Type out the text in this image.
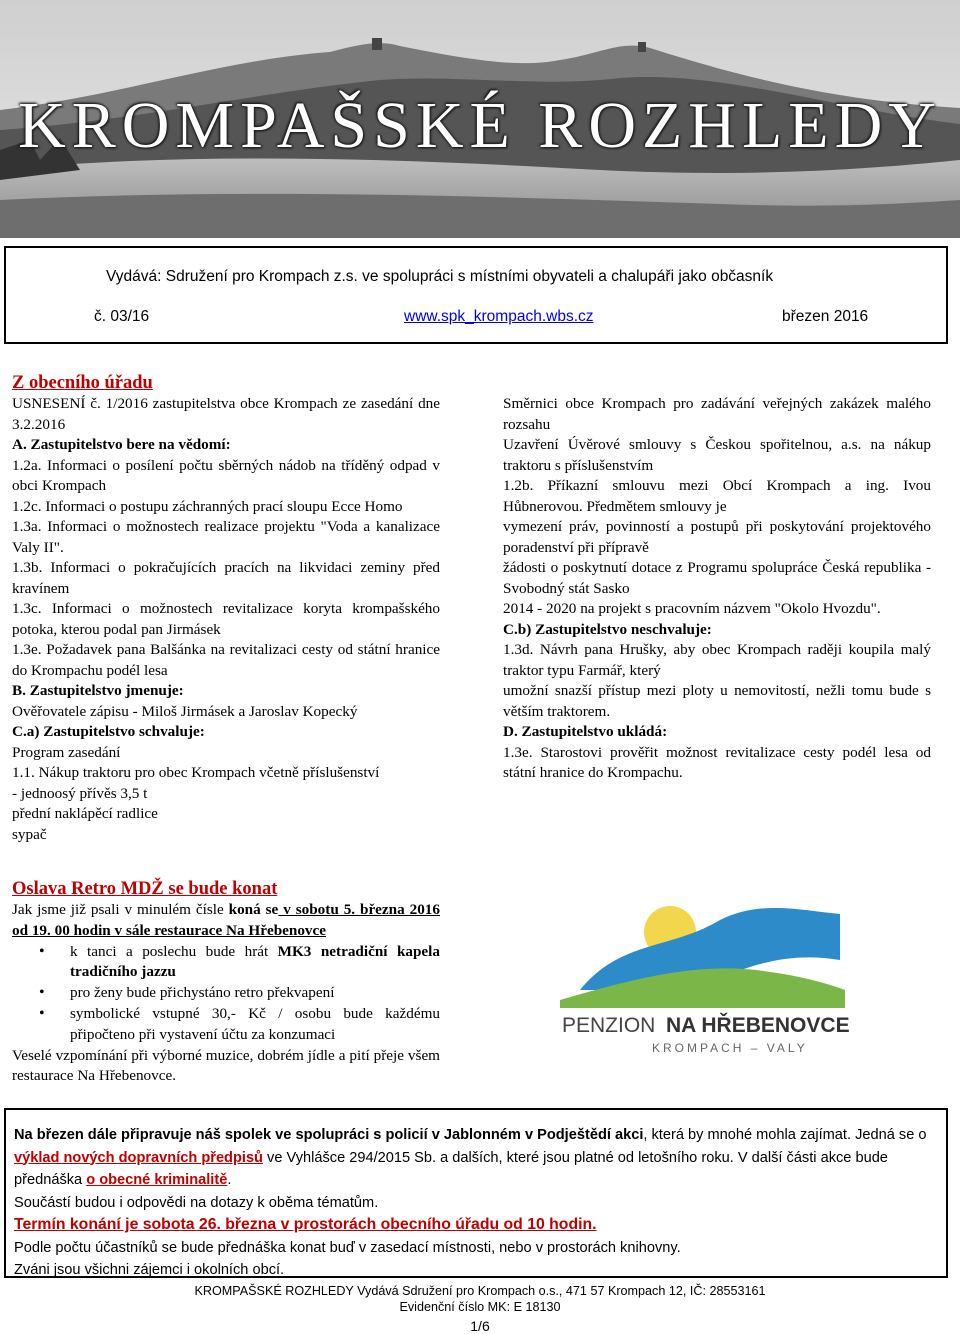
KROMPAŠSKÉ ROZHLEDY
Vydává: Sdružení pro Krompach z.s. ve spolupráci s místními obyvateli a chalupáři jako občasník
č. 03/16	www.spk_krompach.wbs.cz	březen 2016

Z obecního úřadu

USNESENÍ č. 1/2016 zastupitelstva obce Krompach ze zasedání dne 3.2.2016

A. Zastupitelstvo bere na vědomí:

1.2a. Informaci o posílení počtu sběrných nádob na tříděný odpad v obci Krompach

1.2c. Informaci o postupu záchranných prací sloupu Ecce Homo

1.3a. Informaci o možnostech realizace projektu "Voda a kanalizace Valy II".

1.3b. Informaci o pokračujících pracích na likvidaci zeminy před kravínem

1.3c. Informaci o možnostech revitalizace koryta krompašského potoka, kterou podal pan Jirmásek

1.3e. Požadavek pana Balšánka na revitalizaci cesty od státní hranice do Krompachu podél lesa

B. Zastupitelstvo jmenuje:

Ověřovatele zápisu - Miloš Jirmásek a Jaroslav Kopecký

C.a) Zastupitelstvo schvaluje:

Program zasedání

1.1. Nákup traktoru pro obec Krompach včetně příslušenství

- jednoosý přívěs 3,5 t

přední naklápěcí radlice

sypač

Směrnici obce Krompach pro zadávání veřejných zakázek malého rozsahu

Uzavření Úvěrové smlouvy s Českou spořitelnou, a.s. na nákup traktoru s příslušenstvím

1.2b. Příkazní smlouvu mezi Obcí Krompach a ing. Ivou Hůbnerovou. Předmětem smlouvy je

vymezení práv, povinností a postupů při poskytování projektového poradenství při přípravě

žádosti o poskytnutí dotace z Programu spolupráce Česká republika - Svobodný stát Sasko

2014 - 2020 na projekt s pracovním názvem "Okolo Hvozdu".

C.b) Zastupitelstvo neschvaluje:

1.3d. Návrh pana Hrušky, aby obec Krompach raději koupila malý traktor typu Farmář, který

umožní snazší přístup mezi ploty u nemovitostí, nežli tomu bude s větším traktorem.

D. Zastupitelstvo ukládá:

1.3e. Starostovi prověřit možnost revitalizace cesty podél lesa od státní hranice do Krompachu.

Oslava Retro MDŽ se bude konat

Jak jsme již psali v minulém čísle koná se v sobotu 5. března 2016 od 19. 00 hodin v sále restaurace Na Hřebenovce

• k tanci a poslechu bude hrát MK3 netradiční kapela tradičního jazzu
• pro ženy bude přichystáno retro překvapení
• symbolické vstupné 30,- Kč / osobu bude každému připočteno při vystavení účtu za konzumaci

Veselé vzpomínání při výborné muzice, dobrém jídle a pití přeje všem restaurace Na Hřebenovce.

PENZION NA HŘEBENOVCE
KROMPACH – VALY

Na březen dále připravuje náš spolek ve spolupráci s policií v Jablonném v Podještědí akci, která by mnohé mohla zajímat. Jedná se o výklad nových dopravních předpisů ve Vyhlášce 294/2015 Sb. a dalších, které jsou platné od letošního roku. V další části akce bude přednáška o obecné kriminalitě.

Součástí budou i odpovědi na dotazy k oběma tématům.

Termín konání je sobota 26. března v prostorách obecního úřadu od 10 hodin.

Podle počtu účastníků se bude přednáška konat buď v zasedací místnosti, nebo v prostorách knihovny.

Zváni jsou všichni zájemci i okolních obcí.

KROMPAŠSKÉ ROZHLEDY Vydává Sdružení pro Krompach o.s., 471 57 Krompach 12, IČ: 28553161
Evidenční číslo MK: E 18130
1/6
